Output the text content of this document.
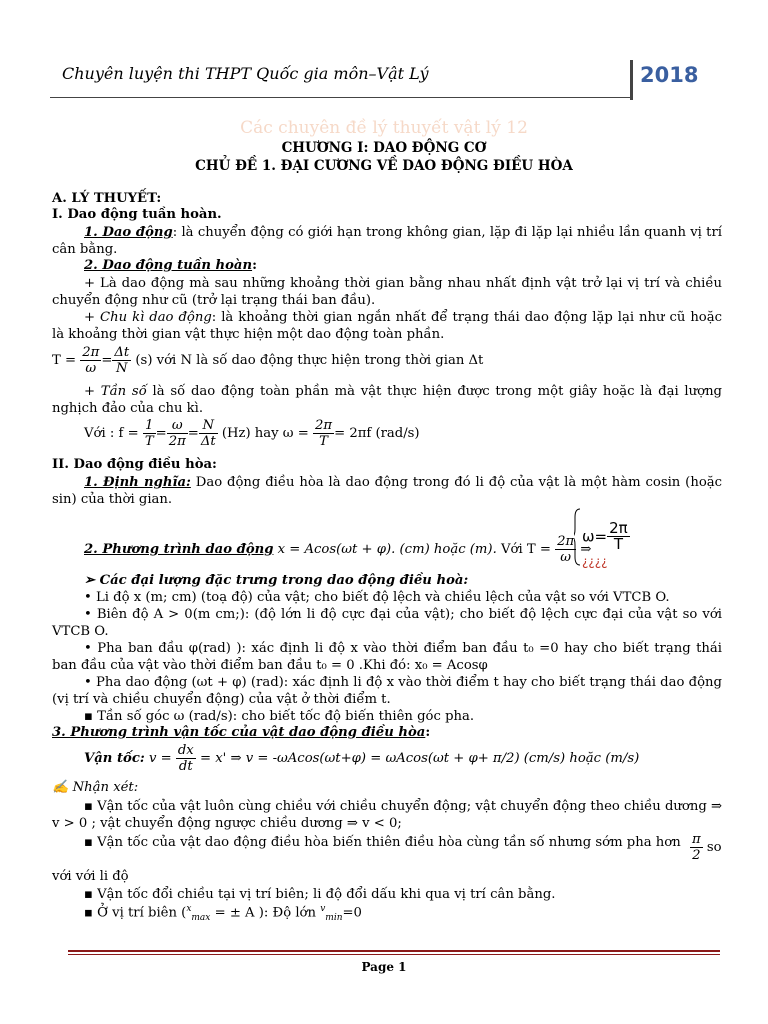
Chuyên luyện thi THPT Quốc gia môn–Vật Lý	2018
Các chuyên đề lý thuyết vật lý 12
CHƯƠNG I: DAO ĐỘNG CƠ
CHỦ ĐỀ 1. ĐẠI CƯƠNG VỀ DAO ĐỘNG ĐIỀU HÒA
A. LÝ THUYẾT:
I. Dao động tuần hoàn.
1. Dao động: là chuyển động có giới hạn trong không gian, lặp đi lặp lại nhiều lần quanh vị trí cân bằng.
2. Dao động tuần hoàn:
+ Là dao động mà sau những khoảng thời gian bằng nhau nhất định vật trở lại vị trí và chiều chuyển động như cũ (trở lại trạng thái ban đầu).
+ Chu kì dao động: là khoảng thời gian ngắn nhất để trạng thái dao động lặp lại như cũ hoặc là khoảng thời gian vật thực hiện một dao động toàn phần.
$T = \frac{2\pi}{\omega} = \frac{\Delta t}{N} (s)$ với N là số dao động thực hiện trong thời gian Δt
+ Tần số là số dao động toàn phần mà vật thực hiện được trong một giây hoặc là đại lượng nghịch đảo của chu kì.
Với : $f = \frac{1}{T} = \frac{\omega}{2\pi} = \frac{N}{\Delta t} (Hz)$ hay $\omega = \frac{2\pi}{T} = 2\pi f$ (rad/s)
II. Dao động điều hòa:
1. Định nghĩa: Dao động điều hòa là dao động trong đó li độ của vật là một hàm cosin (hoặc sin) của thời gian.
$\omega= \frac{2\pi}{T}$
¿¿¿¿
2. Phương trình dao động x = Acos(ωt + φ). (cm) hoặc (m). Với $T = \frac{2\pi}{\omega}$ ⇒
➢ Các đại lượng đặc trưng trong dao động điều hoà:
• Li độ x (m; cm) (toạ độ) của vật; cho biết độ lệch và chiều lệch của vật so với VTCB O.
• Biên độ A > 0(m cm;): (độ lớn li độ cực đại của vật); cho biết độ lệch cực đại của vật so với VTCB O.
• Pha ban đầu φ(rad) ): xác định li độ x vào thời điểm ban đầu t₀ =0 hay cho biết trạng thái ban đầu của vật vào thời điểm ban đầu t₀ = 0 .Khi đó: x₀ = Acosφ
• Pha dao động (ωt + φ) (rad): xác định li độ x vào thời điểm t hay cho biết trạng thái dao động (vị trí và chiều chuyển động) của vật ở thời điểm t.
▪ Tần số góc ω (rad/s): cho biết tốc độ biến thiên góc pha.
3. Phương trình vận tốc của vật dao động điều hòa:
Vận tốc: $v = \frac{dx}{dt} = x'$ ⇒ v = -ωAcos(ωt+φ) = ωAcos(ωt + φ+ π/2) (cm/s) hoặc (m/s)
✍ Nhận xét:
▪ Vận tốc của vật luôn cùng chiều với chiều chuyển động; vật chuyển động theo chiều dương ⇒ v > 0 ; vật chuyển động ngược chiều dương ⇒ v < 0;
▪ Vận tốc của vật dao động điều hòa biến thiên điều hòa cùng tần số nhưng sớm pha hơn $\frac{\pi}{2}$ so
với với li độ
▪ Vận tốc đổi chiều tại vị trí biên; li độ đổi dấu khi qua vị trí cân bằng.
▪ Ở vị trí biên ($^x_{max}$ = ± A ): Độ lớn $^v_{min}$=0
Page 1
